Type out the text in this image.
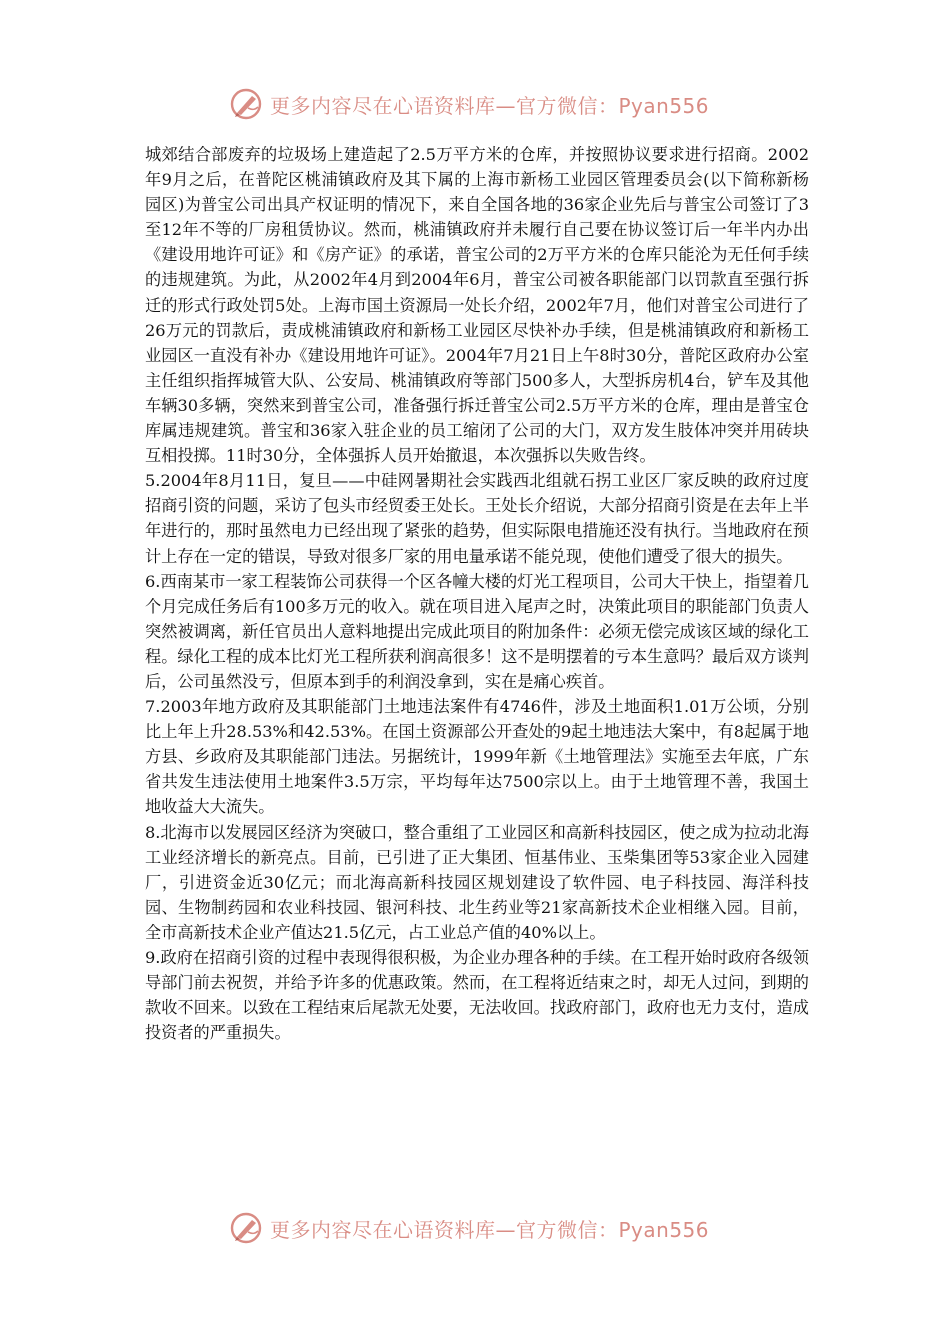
更多内容尽在心语资料库—官方微信：Pyan556

城郊结合部废弃的垃圾场上建造起了2.5万平方米的仓库，并按照协议要求进行招商。2002年9月之后，在普陀区桃浦镇政府及其下属的上海市新杨工业园区管理委员会(以下简称新杨园区)为普宝公司出具产权证明的情况下，来自全国各地的36家企业先后与普宝公司签订了3至12年不等的厂房租赁协议。然而，桃浦镇政府并未履行自己要在协议签订后一年半内办出《建设用地许可证》和《房产证》的承诺，普宝公司的2万平方米的仓库只能沦为无任何手续的违规建筑。为此，从2002年4月到2004年6月，普宝公司被各职能部门以罚款直至强行拆迁的形式行政处罚5处。上海市国土资源局一处长介绍，2002年7月，他们对普宝公司进行了26万元的罚款后，责成桃浦镇政府和新杨工业园区尽快补办手续，但是桃浦镇政府和新杨工业园区一直没有补办《建设用地许可证》。2004年7月21日上午8时30分，普陀区政府办公室主任组织指挥城管大队、公安局、桃浦镇政府等部门500多人，大型拆房机4台，铲车及其他车辆30多辆，突然来到普宝公司，准备强行拆迁普宝公司2.5万平方米的仓库，理由是普宝仓库属违规建筑。普宝和36家入驻企业的员工缩闭了公司的大门，双方发生肢体冲突并用砖块互相投掷。11时30分，全体强拆人员开始撤退，本次强拆以失败告终。

5.2004年8月11日，复旦——中硅网暑期社会实践西北组就石拐工业区厂家反映的政府过度招商引资的问题，采访了包头市经贸委王处长。王处长介绍说，大部分招商引资是在去年上半年进行的，那时虽然电力已经出现了紧张的趋势，但实际限电措施还没有执行。当地政府在预计上存在一定的错误，导致对很多厂家的用电量承诺不能兑现，使他们遭受了很大的损失。

6.西南某市一家工程装饰公司获得一个区各幢大楼的灯光工程项目，公司大干快上，指望着几个月完成任务后有100多万元的收入。就在项目进入尾声之时，决策此项目的职能部门负责人突然被调离，新任官员出人意料地提出完成此项目的附加条件：必须无偿完成该区域的绿化工程。绿化工程的成本比灯光工程所获利润高很多！这不是明摆着的亏本生意吗？最后双方谈判后，公司虽然没亏，但原本到手的利润没拿到，实在是痛心疾首。

7.2003年地方政府及其职能部门土地违法案件有4746件，涉及土地面积1.01万公顷，分别比上年上升28.53%和42.53%。在国土资源部公开查处的9起土地违法大案中，有8起属于地方县、乡政府及其职能部门违法。另据统计，1999年新《土地管理法》实施至去年底，广东省共发生违法使用土地案件3.5万宗，平均每年达7500宗以上。由于土地管理不善，我国土地收益大大流失。

8.北海市以发展园区经济为突破口，整合重组了工业园区和高新科技园区，使之成为拉动北海工业经济增长的新亮点。目前，已引进了正大集团、恒基伟业、玉柴集团等53家企业入园建厂，引进资金近30亿元；而北海高新科技园区规划建设了软件园、电子科技园、海洋科技园、生物制药园和农业科技园、银河科技、北生药业等21家高新技术企业相继入园。目前，全市高新技术企业产值达21.5亿元，占工业总产值的40%以上。

9.政府在招商引资的过程中表现得很积极，为企业办理各种的手续。在工程开始时政府各级领导部门前去祝贺，并给予许多的优惠政策。然而，在工程将近结束之时，却无人过问，到期的款收不回来。以致在工程结束后尾款无处要，无法收回。找政府部门，政府也无力支付，造成投资者的严重损失。

更多内容尽在心语资料库—官方微信：Pyan556
